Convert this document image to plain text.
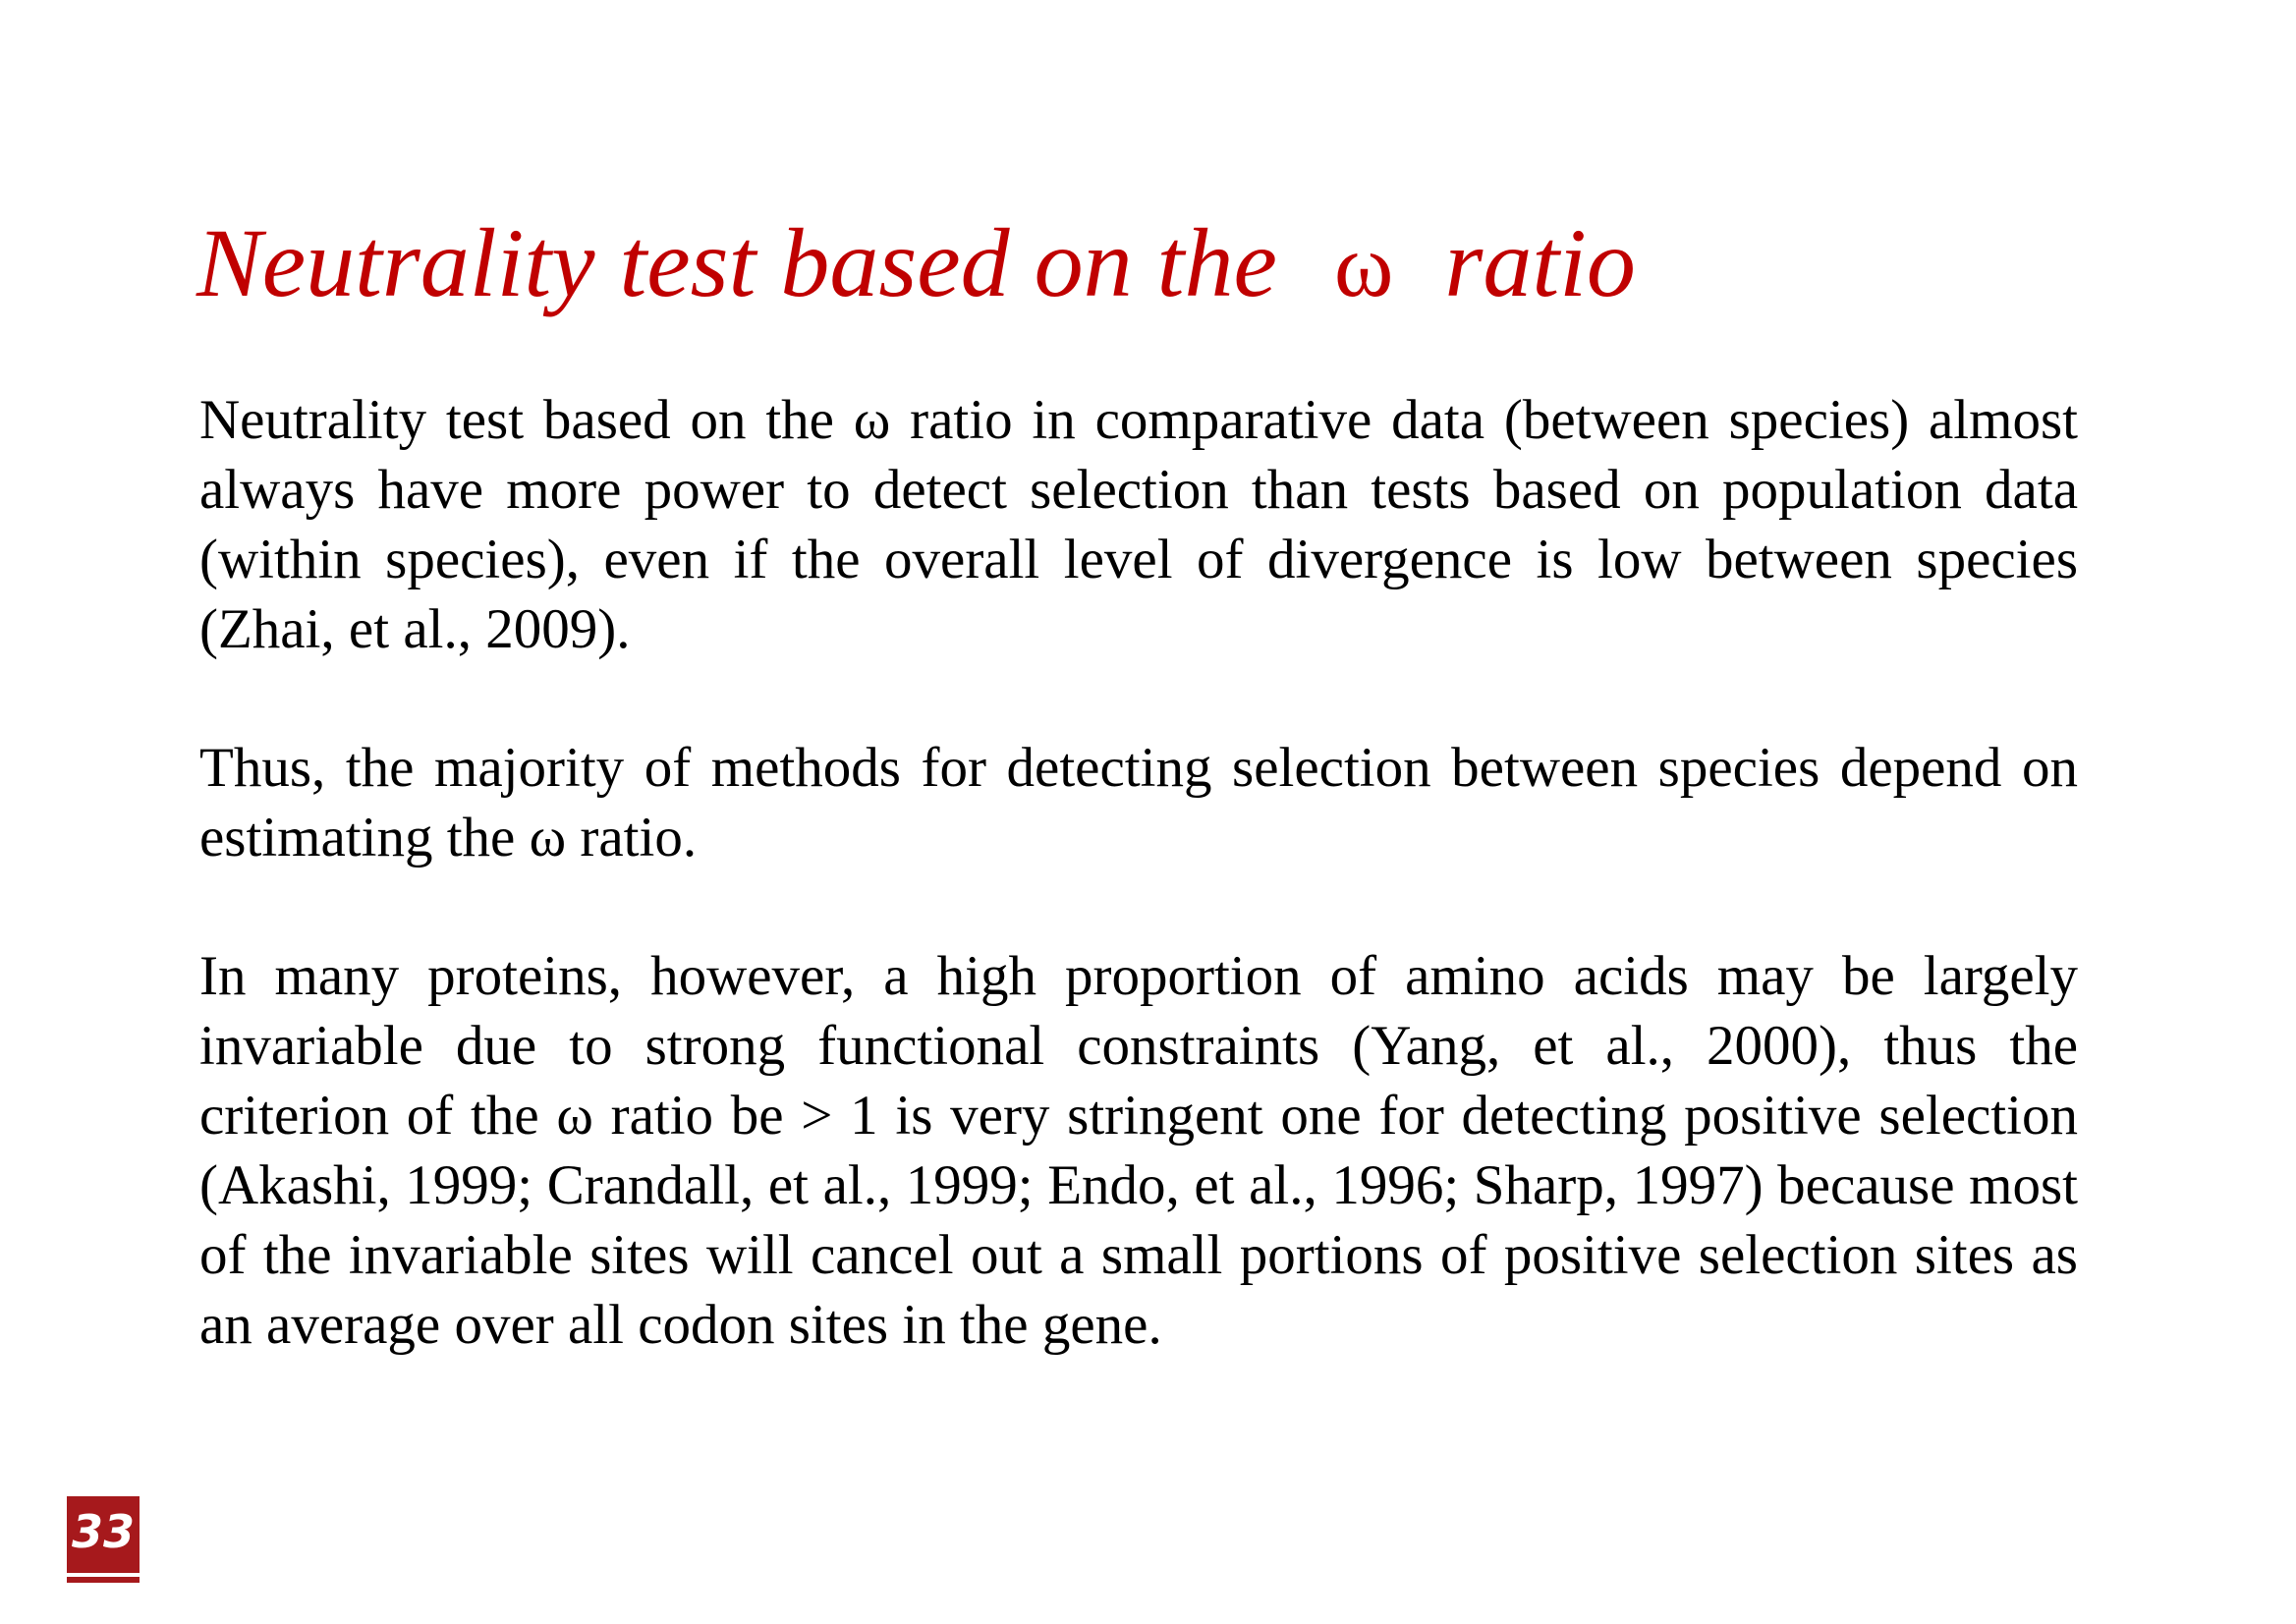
Neutrality test based on the ω ratio

Neutrality test based on the ω ratio in comparative data (between species) almost always have more power to detect selection than tests based on population data (within species), even if the overall level of divergence is low between species (Zhai, et al., 2009).

Thus, the majority of methods for detecting selection between species depend on estimating the ω ratio.

In many proteins, however, a high proportion of amino acids may be largely invariable due to strong functional constraints (Yang, et al., 2000), thus the criterion of the ω ratio be > 1 is very stringent one for detecting positive selection (Akashi, 1999; Crandall, et al., 1999; Endo, et al., 1996; Sharp, 1997) because most of the invariable sites will cancel out a small portions of positive selection sites as an average over all codon sites in the gene.

33
